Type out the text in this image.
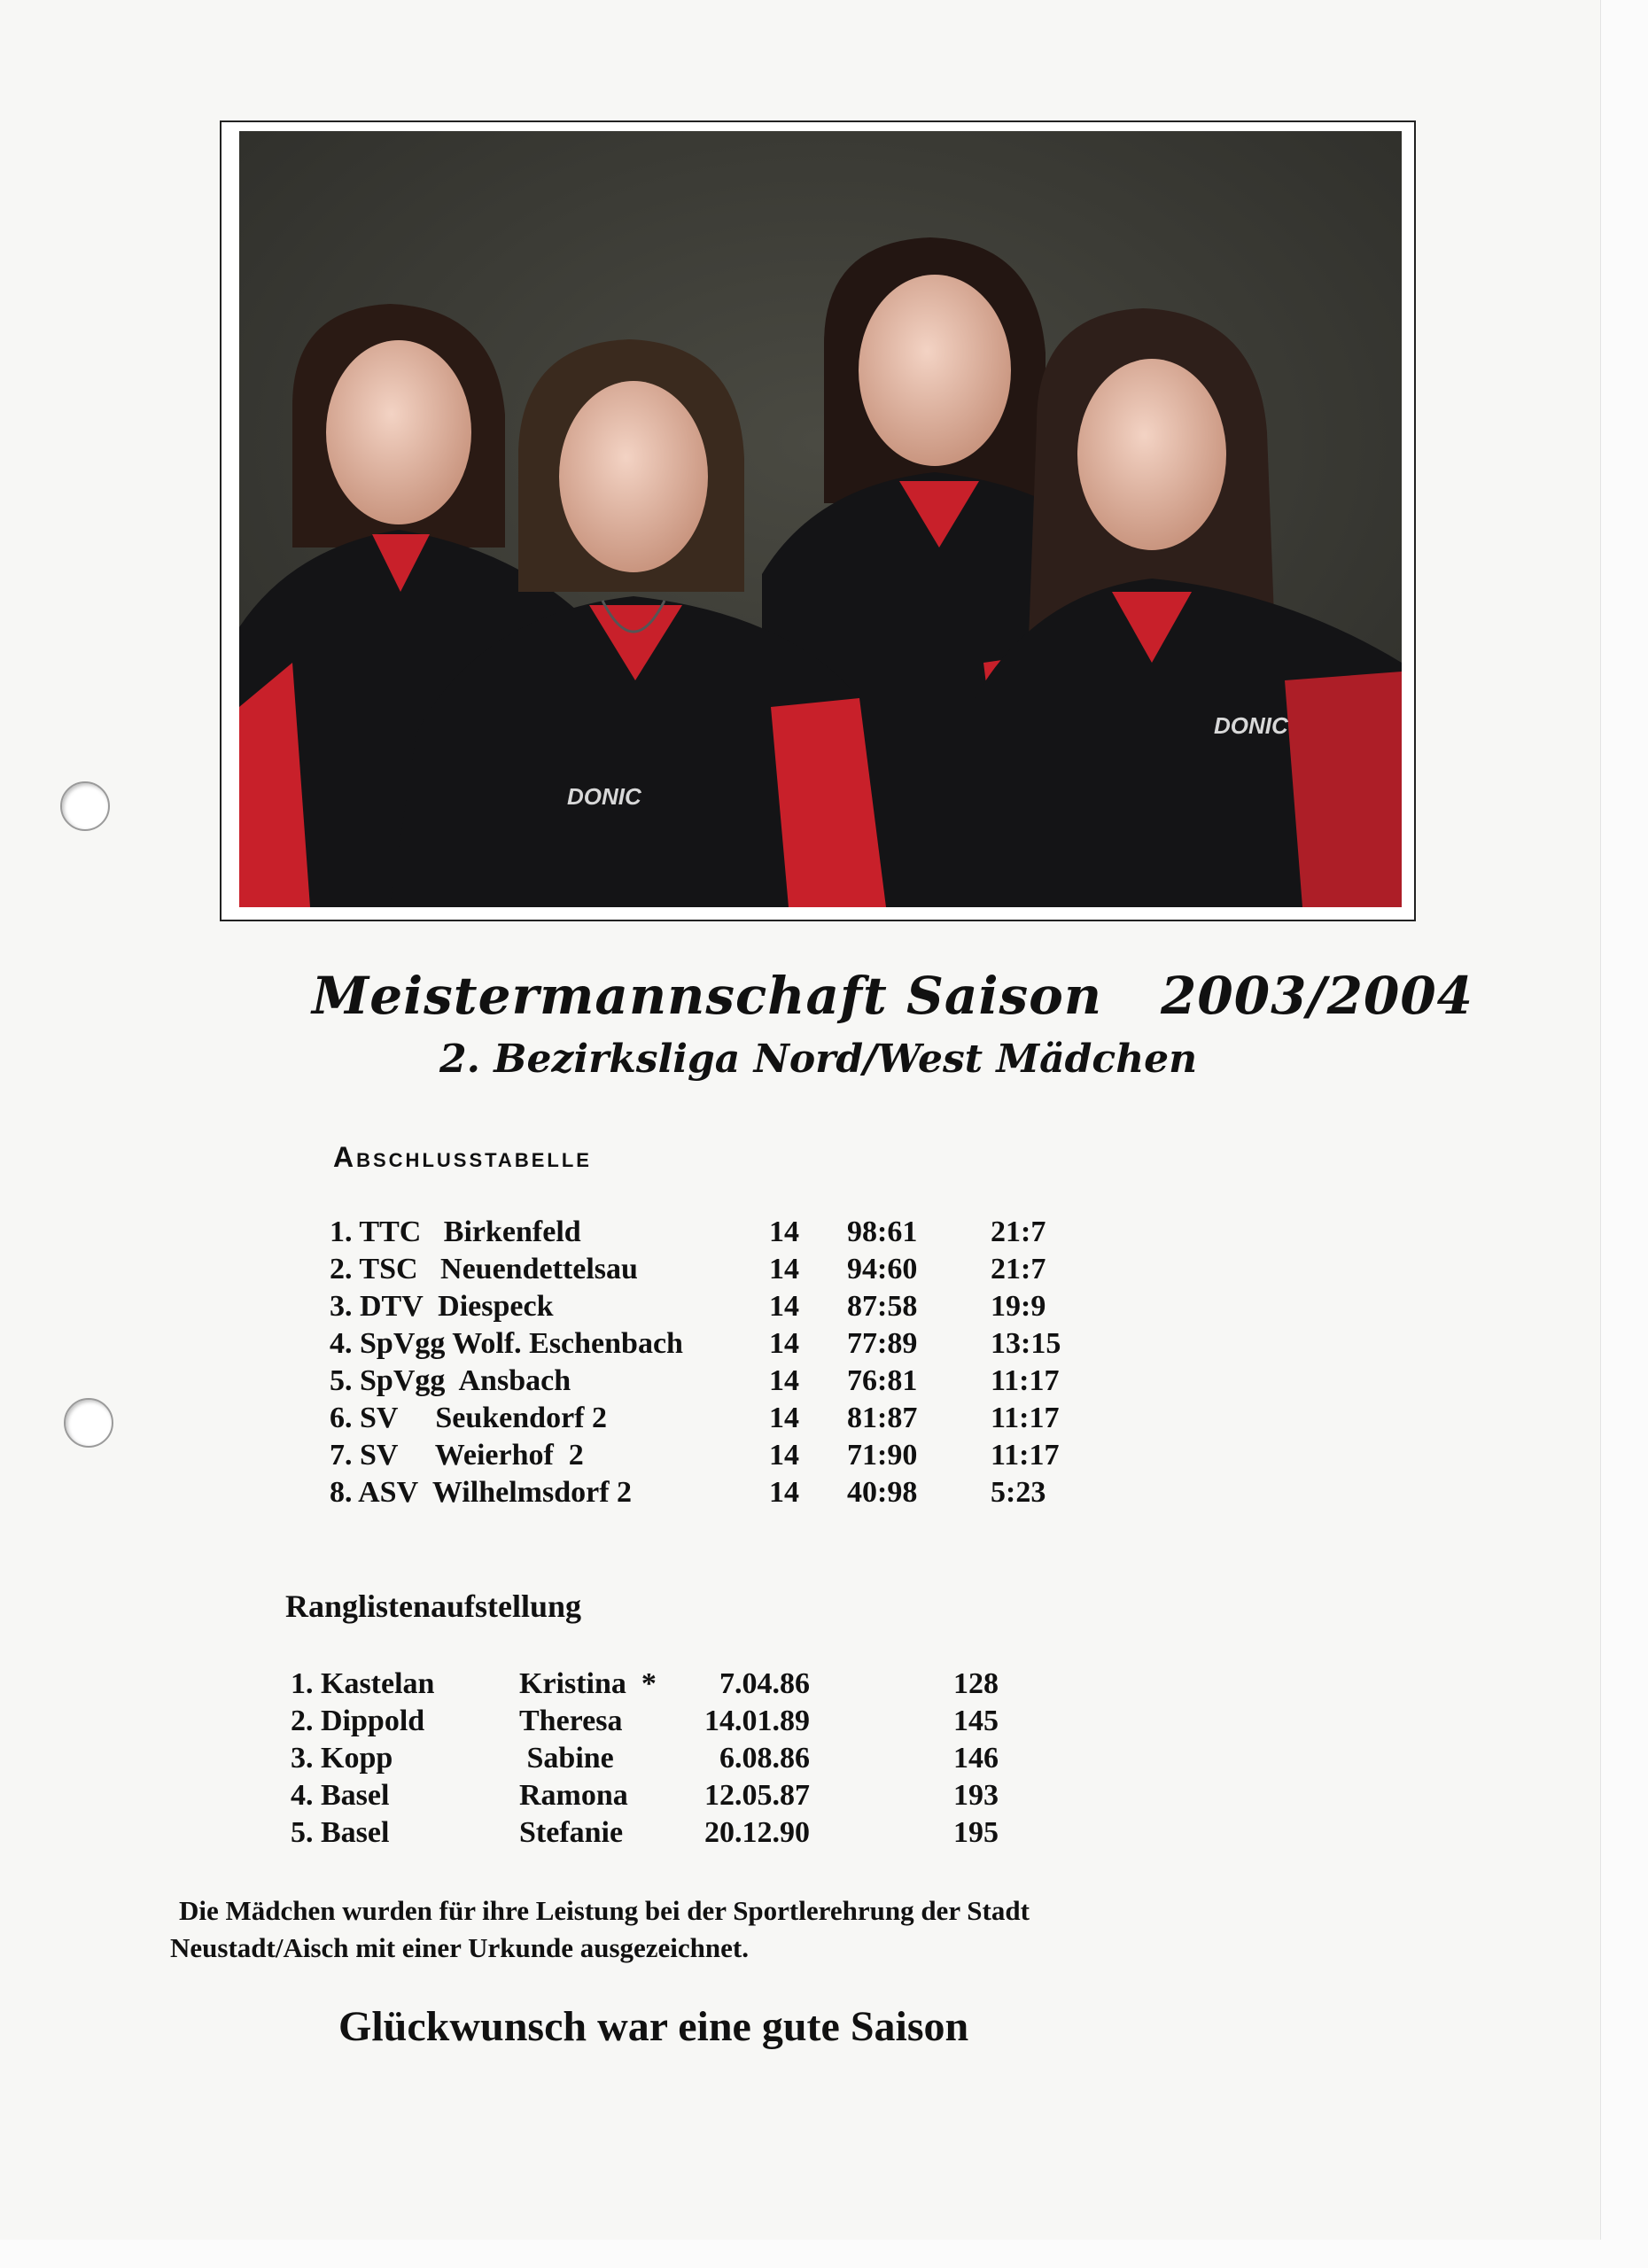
DONIC
DONIC
Meistermannschaft Saison 2003/2004
2. Bezirksliga Nord/West Mädchen
Abschlusstabelle
1. TTC   Birkenfeld	14 98:61 21:7
2. TSC   Neuendettelsau	14 94:60 21:7
3. DTV  Diespeck	14 87:58 19:9
4. SpVgg Wolf. Eschenbach	14 77:89 13:15
5. SpVgg  Ansbach	14 76:81 11:17
6. SV     Seukendorf 2	14 81:87 11:17
7. SV     Weierhof  2	14 71:90 11:17
8. ASV  Wilhelmsdorf 2	14 40:98 5:23
Ranglistenaufstellung
1. Kastelan	Kristina  *	7.04.86	128
2. Dippold	Theresa	14.01.89	145
3. Kopp	Sabine	6.08.86	146
4. Basel	Ramona	12.05.87	193
5. Basel	Stefanie	20.12.90	195
Die Mädchen wurden für ihre Leistung bei der Sportlerehrung der Stadt
Neustadt/Aisch mit einer Urkunde ausgezeichnet.
Glückwunsch war eine gute Saison
